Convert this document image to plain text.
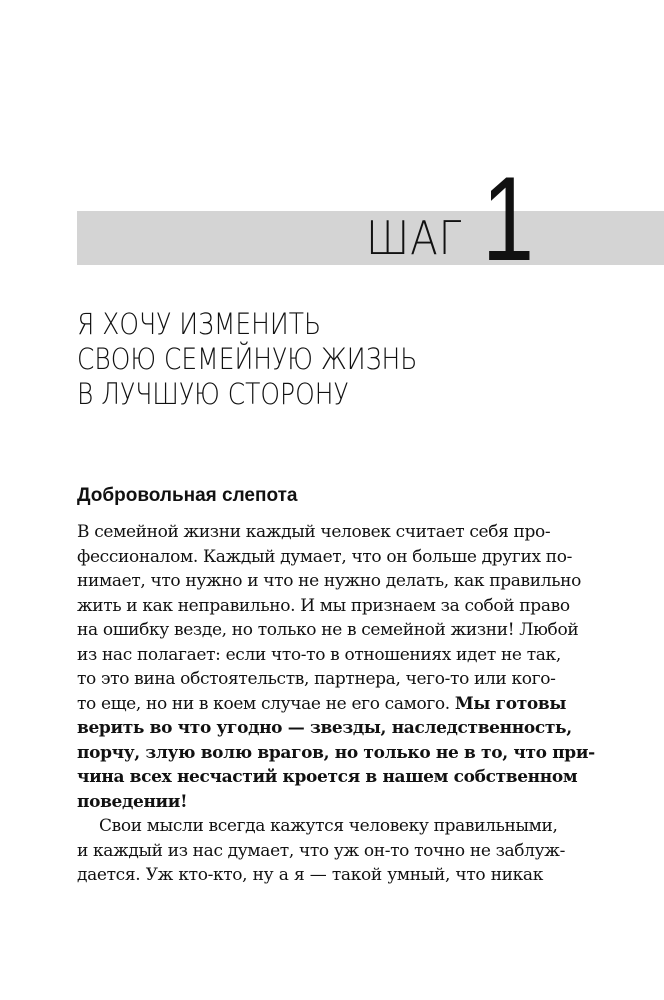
ШАГ 1
Я ХОЧУ ИЗМЕНИТЬ
СВОЮ СЕМЕЙНУЮ ЖИЗНЬ
В ЛУЧШУЮ СТОРОНУ
Добровольная слепота
В семейной жизни каждый человек считает себя про-
фессионалом. Каждый думает, что он больше других по-
нимает, что нужно и что не нужно делать, как правильно
жить и как неправильно. И мы признаем за собой право
на ошибку везде, но только не в семейной жизни! Любой
из нас полагает: если что-то в отношениях идет не так,
то это вина обстоятельств, партнера, чего-то или кого-
то еще, но ни в коем случае не его самого. Мы готовы
верить во что угодно — звезды, наследственность,
порчу, злую волю врагов, но только не в то, что при-
чина всех несчастий кроется в нашем собственном
поведении!
Свои мысли всегда кажутся человеку правильными,
и каждый из нас думает, что уж он-то точно не заблуж-
дается. Уж кто-кто, ну а я — такой умный, что никак
